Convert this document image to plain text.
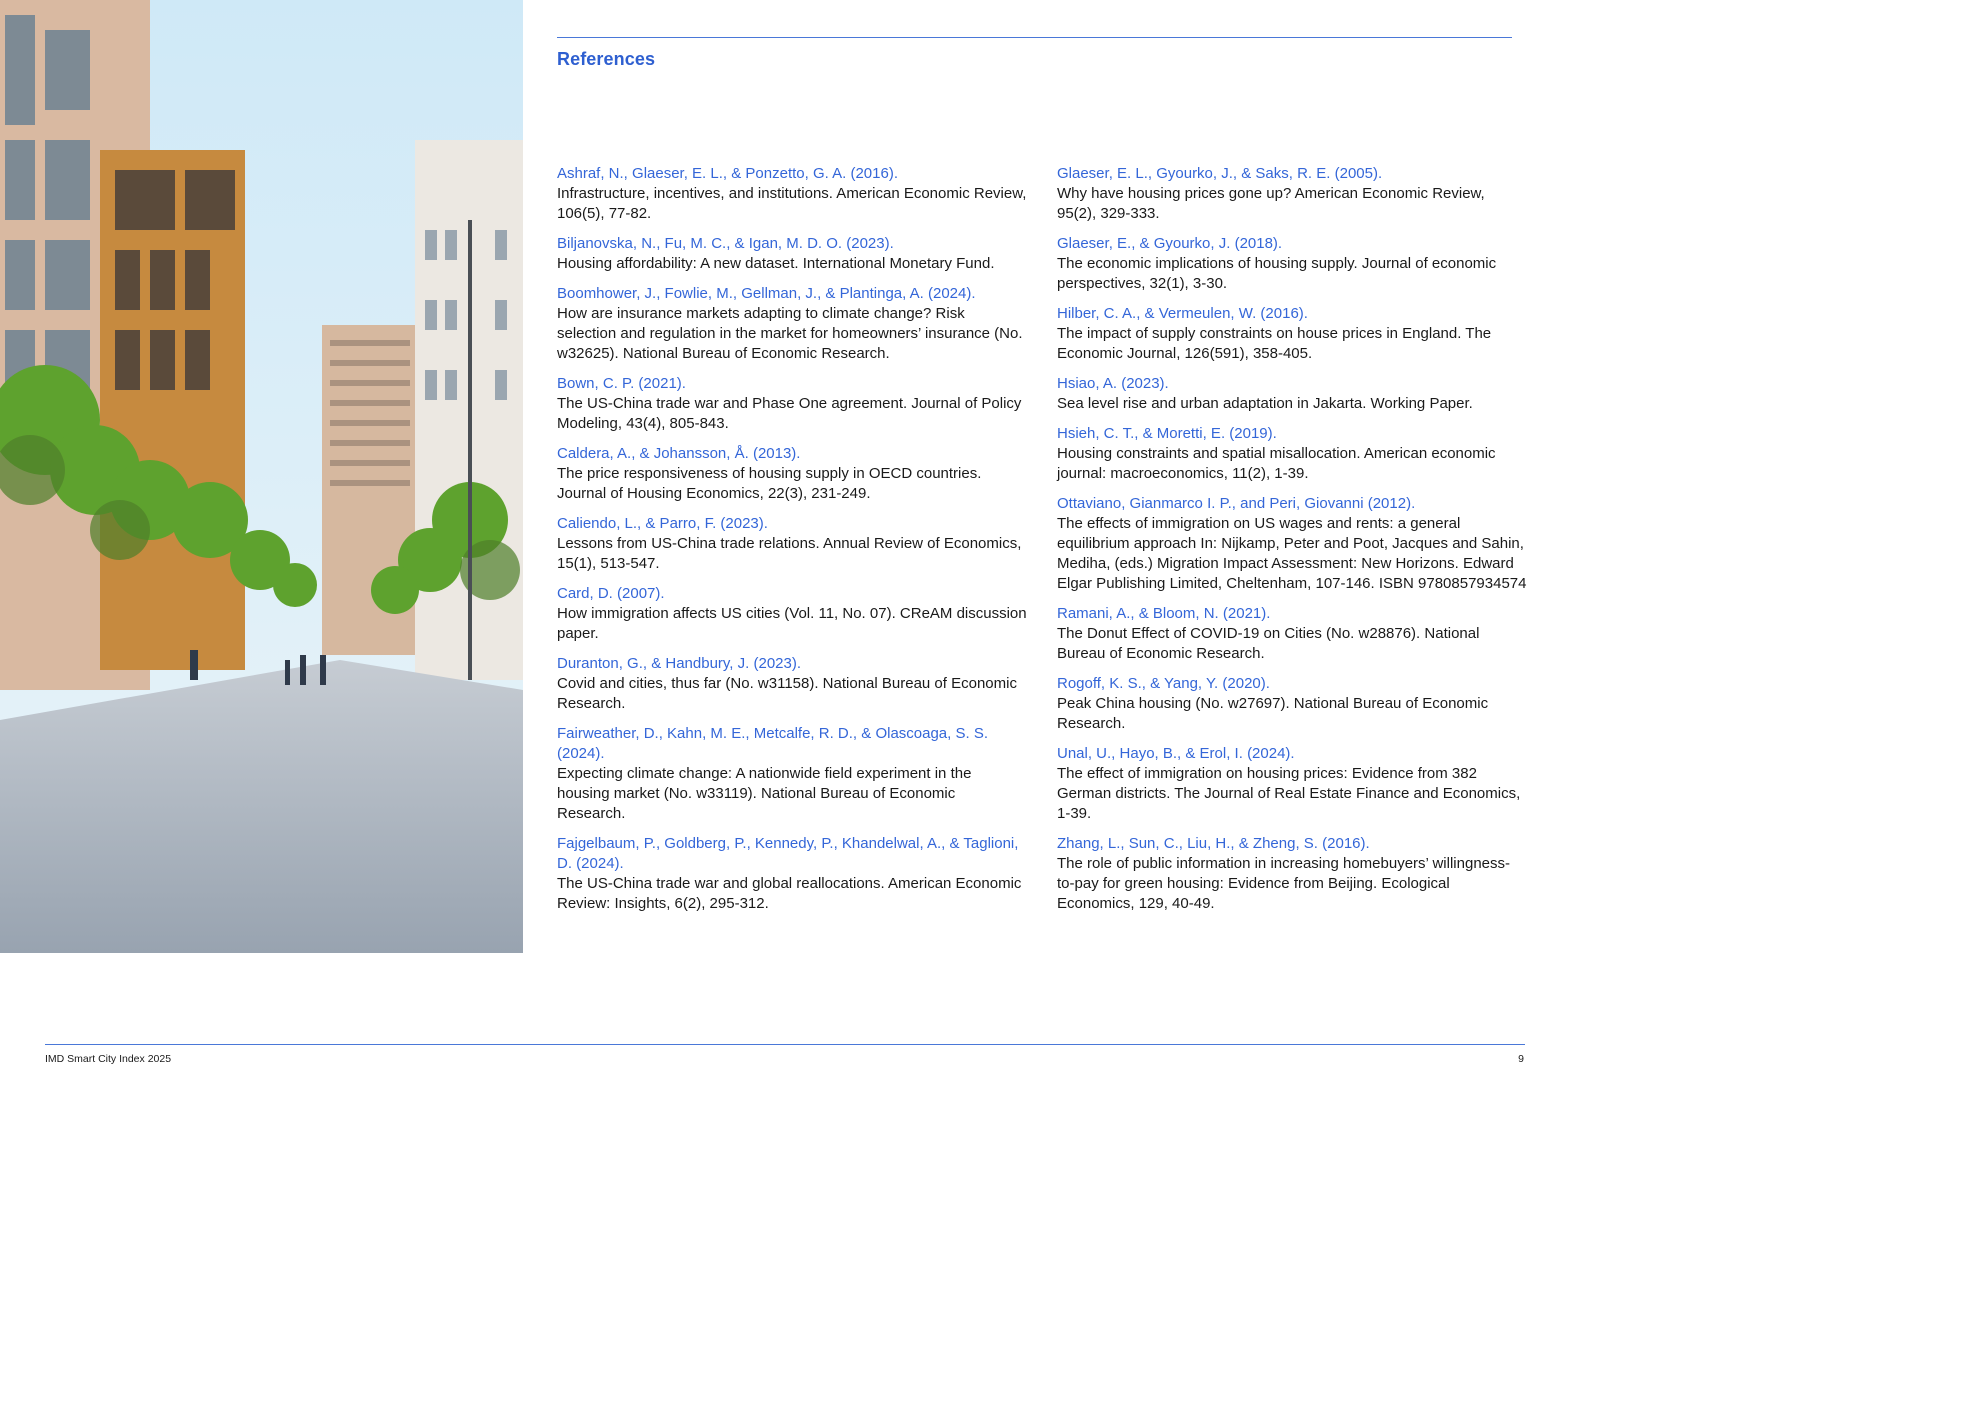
References

Ashraf, N., Glaeser, E. L., & Ponzetto, G. A. (2016).
Infrastructure, incentives, and institutions. American Economic Review, 106(5), 77-82.

Biljanovska, N., Fu, M. C., & Igan, M. D. O. (2023).
Housing affordability: A new dataset. International Monetary Fund.

Boomhower, J., Fowlie, M., Gellman, J., & Plantinga, A. (2024).
How are insurance markets adapting to climate change? Risk selection and regulation in the market for homeowners’ insurance (No. w32625). National Bureau of Economic Research.

Bown, C. P. (2021).
The US-China trade war and Phase One agreement. Journal of Policy Modeling, 43(4), 805-843.

Caldera, A., & Johansson, Å. (2013).
The price responsiveness of housing supply in OECD countries. Journal of Housing Economics, 22(3), 231-249.

Caliendo, L., & Parro, F. (2023).
Lessons from US-China trade relations. Annual Review of Economics, 15(1), 513-547.

Card, D. (2007).
How immigration affects US cities (Vol. 11, No. 07). CReAM discussion paper.

Duranton, G., & Handbury, J. (2023).
Covid and cities, thus far (No. w31158). National Bureau of Economic Research.

Fairweather, D., Kahn, M. E., Metcalfe, R. D., & Olascoaga, S. S. (2024).
Expecting climate change: A nationwide field experiment in the housing market (No. w33119). National Bureau of Economic Research.

Fajgelbaum, P., Goldberg, P., Kennedy, P., Khandelwal, A., & Taglioni, D. (2024).
The US-China trade war and global reallocations. American Economic Review: Insights, 6(2), 295-312.

Glaeser, E. L., Gyourko, J., & Saks, R. E. (2005).
Why have housing prices gone up? American Economic Review, 95(2), 329-333.

Glaeser, E., & Gyourko, J. (2018).
The economic implications of housing supply. Journal of economic perspectives, 32(1), 3-30.

Hilber, C. A., & Vermeulen, W. (2016).
The impact of supply constraints on house prices in England. The Economic Journal, 126(591), 358-405.

Hsiao, A. (2023).
Sea level rise and urban adaptation in Jakarta. Working Paper.

Hsieh, C. T., & Moretti, E. (2019).
Housing constraints and spatial misallocation. American economic journal: macroeconomics, 11(2), 1-39.

Ottaviano, Gianmarco I. P., and Peri, Giovanni (2012).
The effects of immigration on US wages and rents: a general equilibrium approach In: Nijkamp, Peter and Poot, Jacques and Sahin, Mediha, (eds.) Migration Impact Assessment: New Horizons. Edward Elgar Publishing Limited, Cheltenham, 107-146. ISBN 9780857934574

Ramani, A., & Bloom, N. (2021).
The Donut Effect of COVID-19 on Cities (No. w28876). National Bureau of Economic Research.

Rogoff, K. S., & Yang, Y. (2020).
Peak China housing (No. w27697). National Bureau of Economic Research.

Unal, U., Hayo, B., & Erol, I. (2024).
The effect of immigration on housing prices: Evidence from 382 German districts. The Journal of Real Estate Finance and Economics, 1-39.

Zhang, L., Sun, C., Liu, H., & Zheng, S. (2016).
The role of public information in increasing homebuyers’ willingness-to-pay for green housing: Evidence from Beijing. Ecological Economics, 129, 40-49.

IMD Smart City Index 2025	9
